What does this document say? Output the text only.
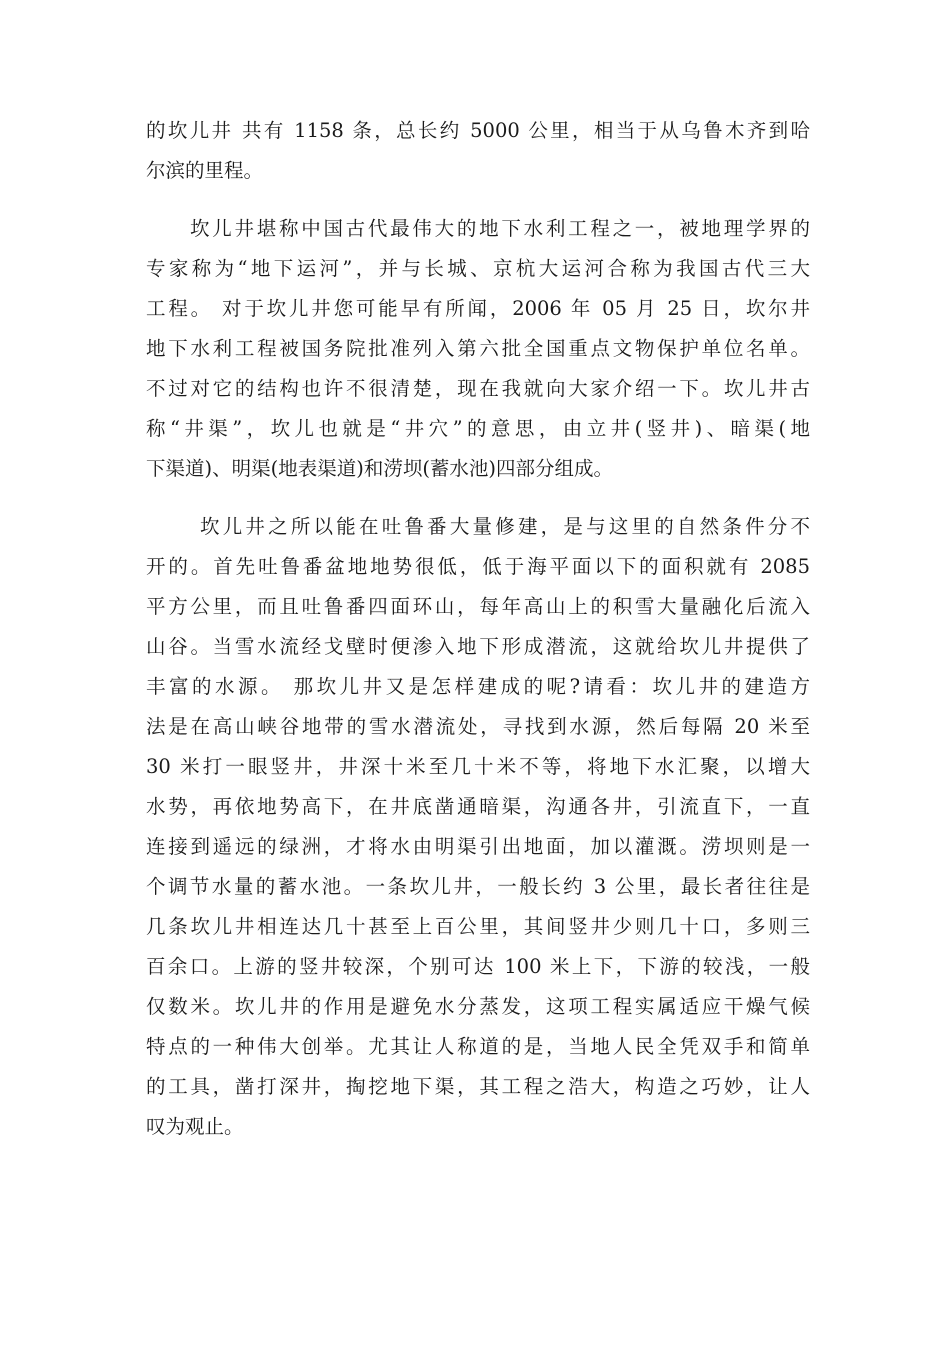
的坎儿井 共有 1158 条，总长约 5000 公里，相当于从乌鲁木齐到哈
尔滨的里程。
坎儿井堪称中国古代最伟大的地下水利工程之一，被地理学界的
专家称为“地下运河”，并与长城、京杭大运河合称为我国古代三大
工程。 对于坎儿井您可能早有所闻，2006 年 05 月 25 日，坎尔井
地下水利工程被国务院批准列入第六批全国重点文物保护单位名单。
不过对它的结构也许不很清楚，现在我就向大家介绍一下。坎儿井古
称“井渠”，坎儿也就是“井穴”的意思，由立井(竖井)、暗渠(地
下渠道)、明渠(地表渠道)和涝坝(蓄水池)四部分组成。
坎儿井之所以能在吐鲁番大量修建，是与这里的自然条件分不
开的。首先吐鲁番盆地地势很低，低于海平面以下的面积就有 2085
平方公里，而且吐鲁番四面环山，每年高山上的积雪大量融化后流入
山谷。当雪水流经戈壁时便渗入地下形成潜流，这就给坎儿井提供了
丰富的水源。 那坎儿井又是怎样建成的呢?请看：坎儿井的建造方
法是在高山峡谷地带的雪水潜流处，寻找到水源，然后每隔 20 米至
30 米打一眼竖井，井深十米至几十米不等，将地下水汇聚，以增大
水势，再依地势高下，在井底凿通暗渠，沟通各井，引流直下，一直
连接到遥远的绿洲，才将水由明渠引出地面，加以灌溉。涝坝则是一
个调节水量的蓄水池。一条坎儿井，一般长约 3 公里，最长者往往是
几条坎儿井相连达几十甚至上百公里，其间竖井少则几十口，多则三
百余口。上游的竖井较深，个别可达 100 米上下，下游的较浅，一般
仅数米。坎儿井的作用是避免水分蒸发，这项工程实属适应干燥气候
特点的一种伟大创举。尤其让人称道的是，当地人民全凭双手和简单
的工具，凿打深井，掏挖地下渠，其工程之浩大，构造之巧妙，让人
叹为观止。
